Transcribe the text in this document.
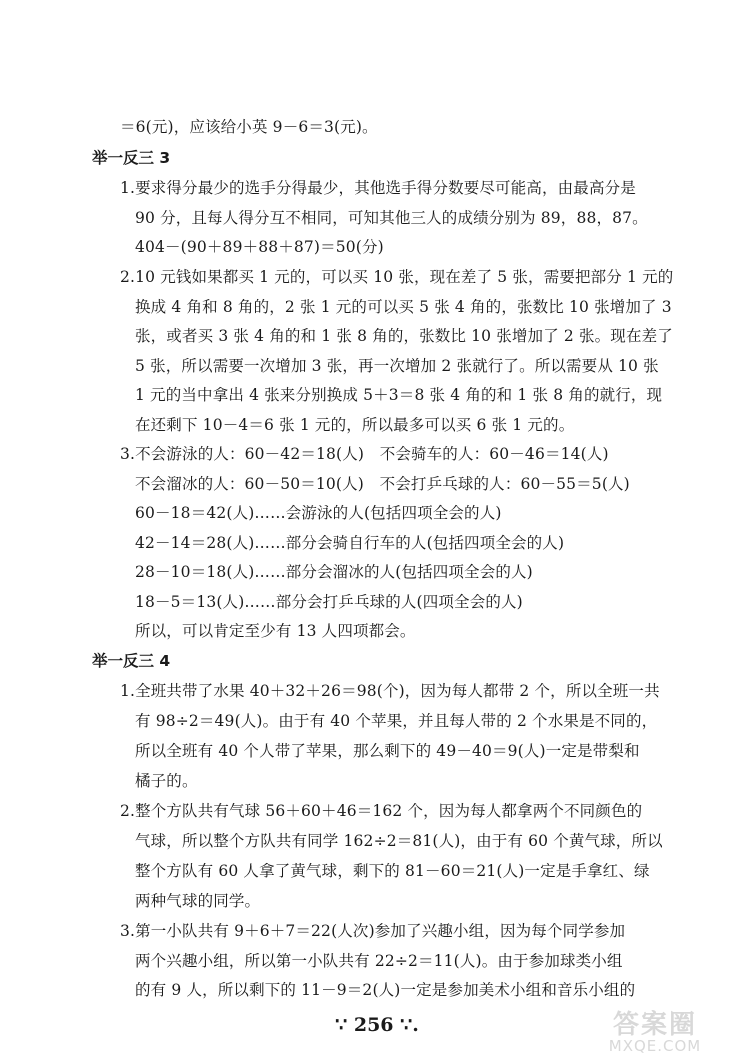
＝6(元)，应该给小英 9－6＝3(元)。
举一反三 3
1.要求得分最少的选手分得最少，其他选手得分数要尽可能高，由最高分是
90 分，且每人得分互不相同，可知其他三人的成绩分别为 89，88，87。
404－(90＋89＋88＋87)＝50(分)
2.10 元钱如果都买 1 元的，可以买 10 张，现在差了 5 张，需要把部分 1 元的
换成 4 角和 8 角的，2 张 1 元的可以买 5 张 4 角的，张数比 10 张增加了 3
张，或者买 3 张 4 角的和 1 张 8 角的，张数比 10 张增加了 2 张。现在差了
5 张，所以需要一次增加 3 张，再一次增加 2 张就行了。所以需要从 10 张
1 元的当中拿出 4 张来分别换成 5＋3＝8 张 4 角的和 1 张 8 角的就行，现
在还剩下 10－4＝6 张 1 元的，所以最多可以买 6 张 1 元的。
3.不会游泳的人：60－42＝18(人)　不会骑车的人：60－46＝14(人)
不会溜冰的人：60－50＝10(人)　不会打乒乓球的人：60－55＝5(人)
60－18＝42(人)……会游泳的人(包括四项全会的人)
42－14＝28(人)……部分会骑自行车的人(包括四项全会的人)
28－10＝18(人)……部分会溜冰的人(包括四项全会的人)
18－5＝13(人)……部分会打乒乓球的人(四项全会的人)
所以，可以肯定至少有 13 人四项都会。
举一反三 4
1.全班共带了水果 40＋32＋26＝98(个)，因为每人都带 2 个，所以全班一共
有 98÷2＝49(人)。由于有 40 个苹果，并且每人带的 2 个水果是不同的，
所以全班有 40 个人带了苹果，那么剩下的 49－40＝9(人)一定是带梨和
橘子的。
2.整个方队共有气球 56＋60＋46＝162 个，因为每人都拿两个不同颜色的
气球，所以整个方队共有同学 162÷2＝81(人)，由于有 60 个黄气球，所以
整个方队有 60 人拿了黄气球，剩下的 81－60＝21(人)一定是手拿红、绿
两种气球的同学。
3.第一小队共有 9＋6＋7＝22(人次)参加了兴趣小组，因为每个同学参加
两个兴趣小组，所以第一小队共有 22÷2＝11(人)。由于参加球类小组
的有 9 人，所以剩下的 11－9＝2(人)一定是参加美术小组和音乐小组的
∵ 256 ∵.	答案圈
MXQE.COM
